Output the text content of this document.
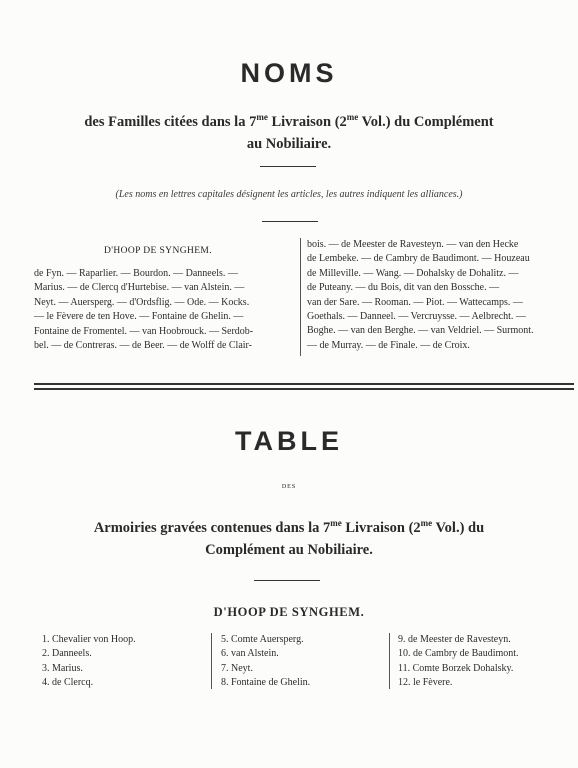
NOMS
des Familles citées dans la $7^{me}$ Livraison ($2^{me}$ Vol.) du Complément
au Nobiliaire.
(Les noms en lettres capitales désignent les articles, les autres indiquent les alliances.)
D'HOOP DE SYNGHEM.
de Fyn. — Raparlier. — Bourdon. — Danneels. —
Marius. — de Clercq d'Hurtebise. — van Alstein. —
Neyt. — Auersperg. — d'Ordsflig. — Ode. — Kocks.
— le Fèvere de ten Hove. — Fontaine de Ghelin. —
Fontaine de Fromentel. — van Hoobrouck. — Serdob-
bel. — de Contreras. — de Beer. — de Wolff de Clair-
bois. — de Meester de Ravesteyn. — van den Hecke
de Lembeke. — de Cambry de Baudimont. — Houzeau
de Milleville. — Wang. — Dohalsky de Dohalitz. —
de Puteany. — du Bois, dit van den Bossche. —
van der Sare. — Rooman. — Piot. — Wattecamps. —
Goethals. — Danneel. — Vercruysse. — Aelbrecht. —
Boghe. — van den Berghe. — van Veldriel. — Surmont.
— de Murray. — de Finale. — de Croix.
TABLE
DES
Armoiries gravées contenues dans la $7^{me}$ Livraison ($2^{me}$ Vol.) du
Complément au Nobiliaire.
D'HOOP DE SYNGHEM.
1. Chevalier von Hoop.
2. Danneels.
3. Marius.
4. de Clercq.
5. Comte Auersperg.
6. van Alstein.
7. Neyt.
8. Fontaine de Ghelin.
9. de Meester de Ravesteyn.
10. de Cambry de Baudimont.
11. Comte Borzek Dohalsky.
12. le Fèvere.
